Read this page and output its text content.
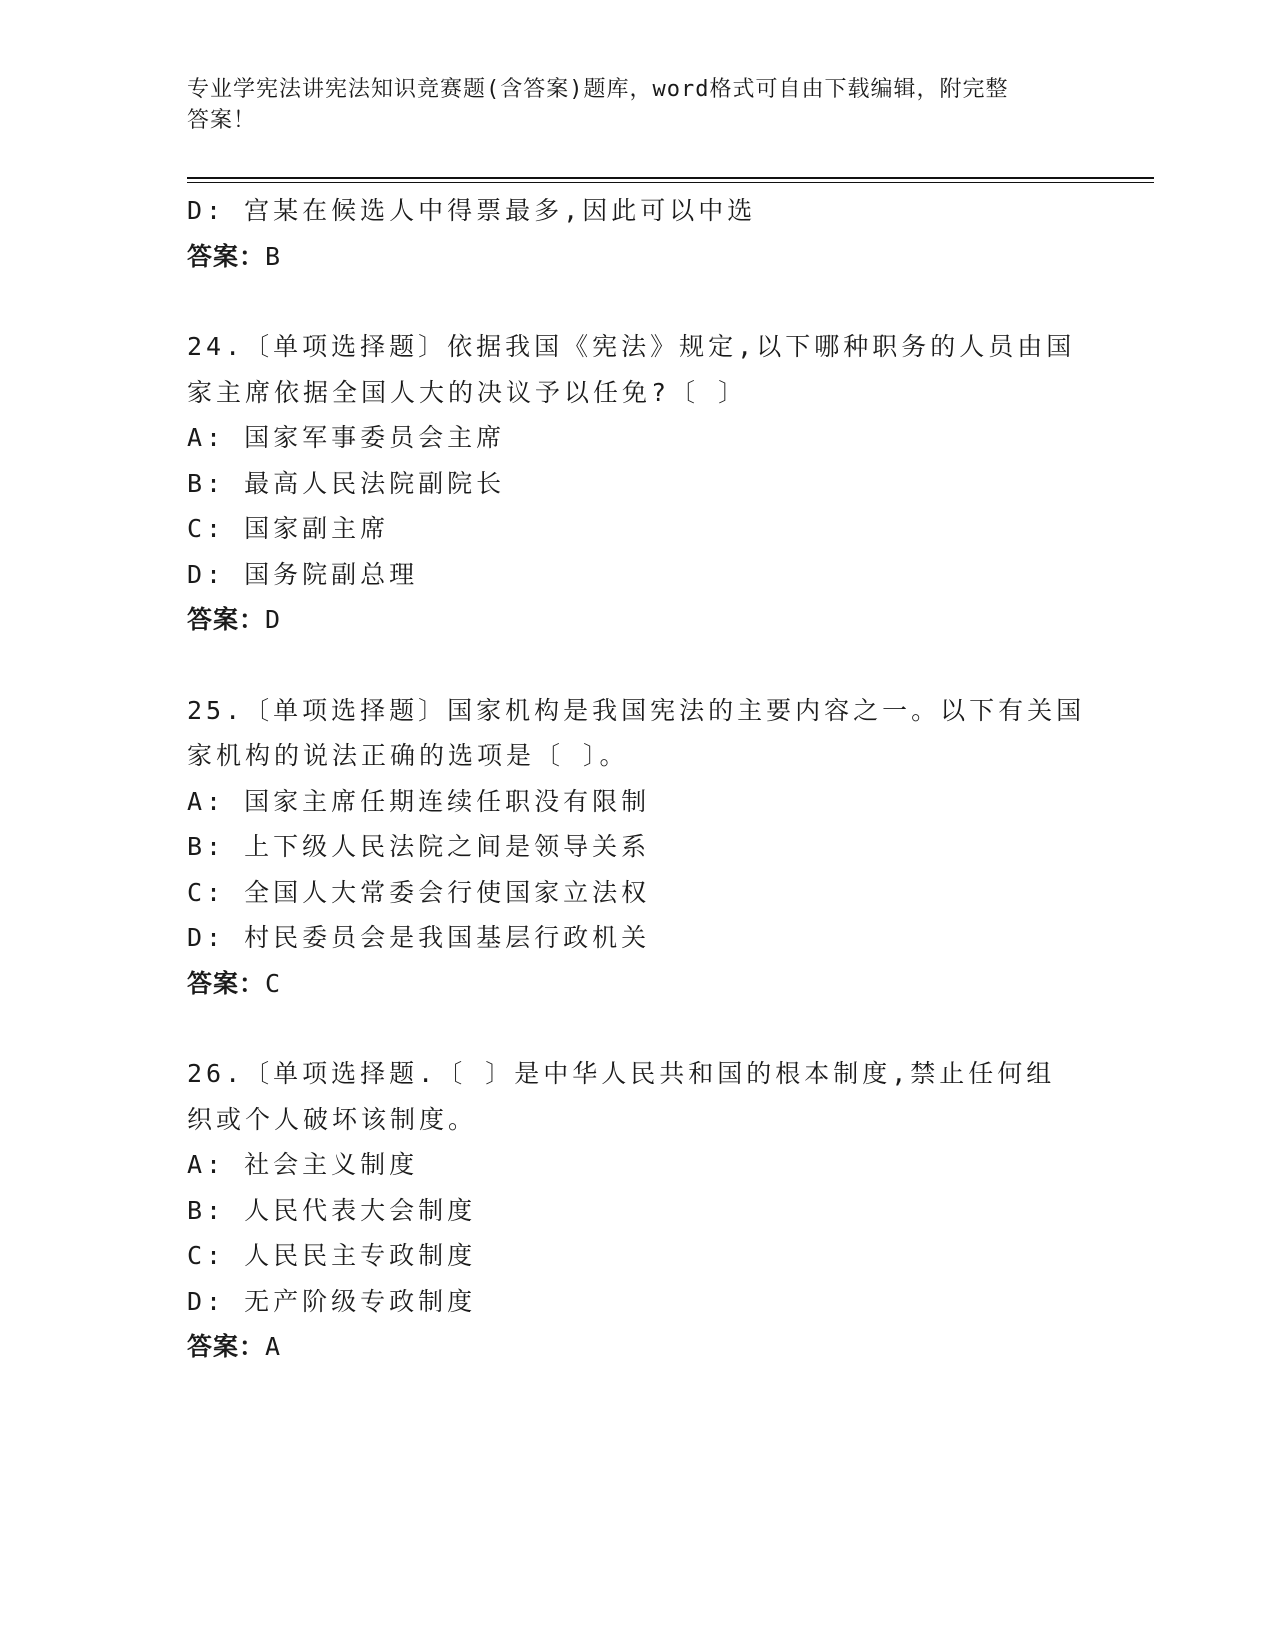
专业学宪法讲宪法知识竞赛题(含答案)题库，word格式可自由下载编辑，附完整
答案！
D: 宫某在候选人中得票最多,因此可以中选
答案：B
24.〔单项选择题〕依据我国《宪法》规定,以下哪种职务的人员由国
家主席依据全国人大的决议予以任免?〔 〕
A: 国家军事委员会主席
B: 最高人民法院副院长
C: 国家副主席
D: 国务院副总理
答案：D
25.〔单项选择题〕国家机构是我国宪法的主要内容之一。以下有关国
家机构的说法正确的选项是〔 〕。
A: 国家主席任期连续任职没有限制
B: 上下级人民法院之间是领导关系
C: 全国人大常委会行使国家立法权
D: 村民委员会是我国基层行政机关
答案：C
26.〔单项选择题.〔 〕是中华人民共和国的根本制度,禁止任何组
织或个人破坏该制度。
A: 社会主义制度
B: 人民代表大会制度
C: 人民民主专政制度
D: 无产阶级专政制度
答案：A
